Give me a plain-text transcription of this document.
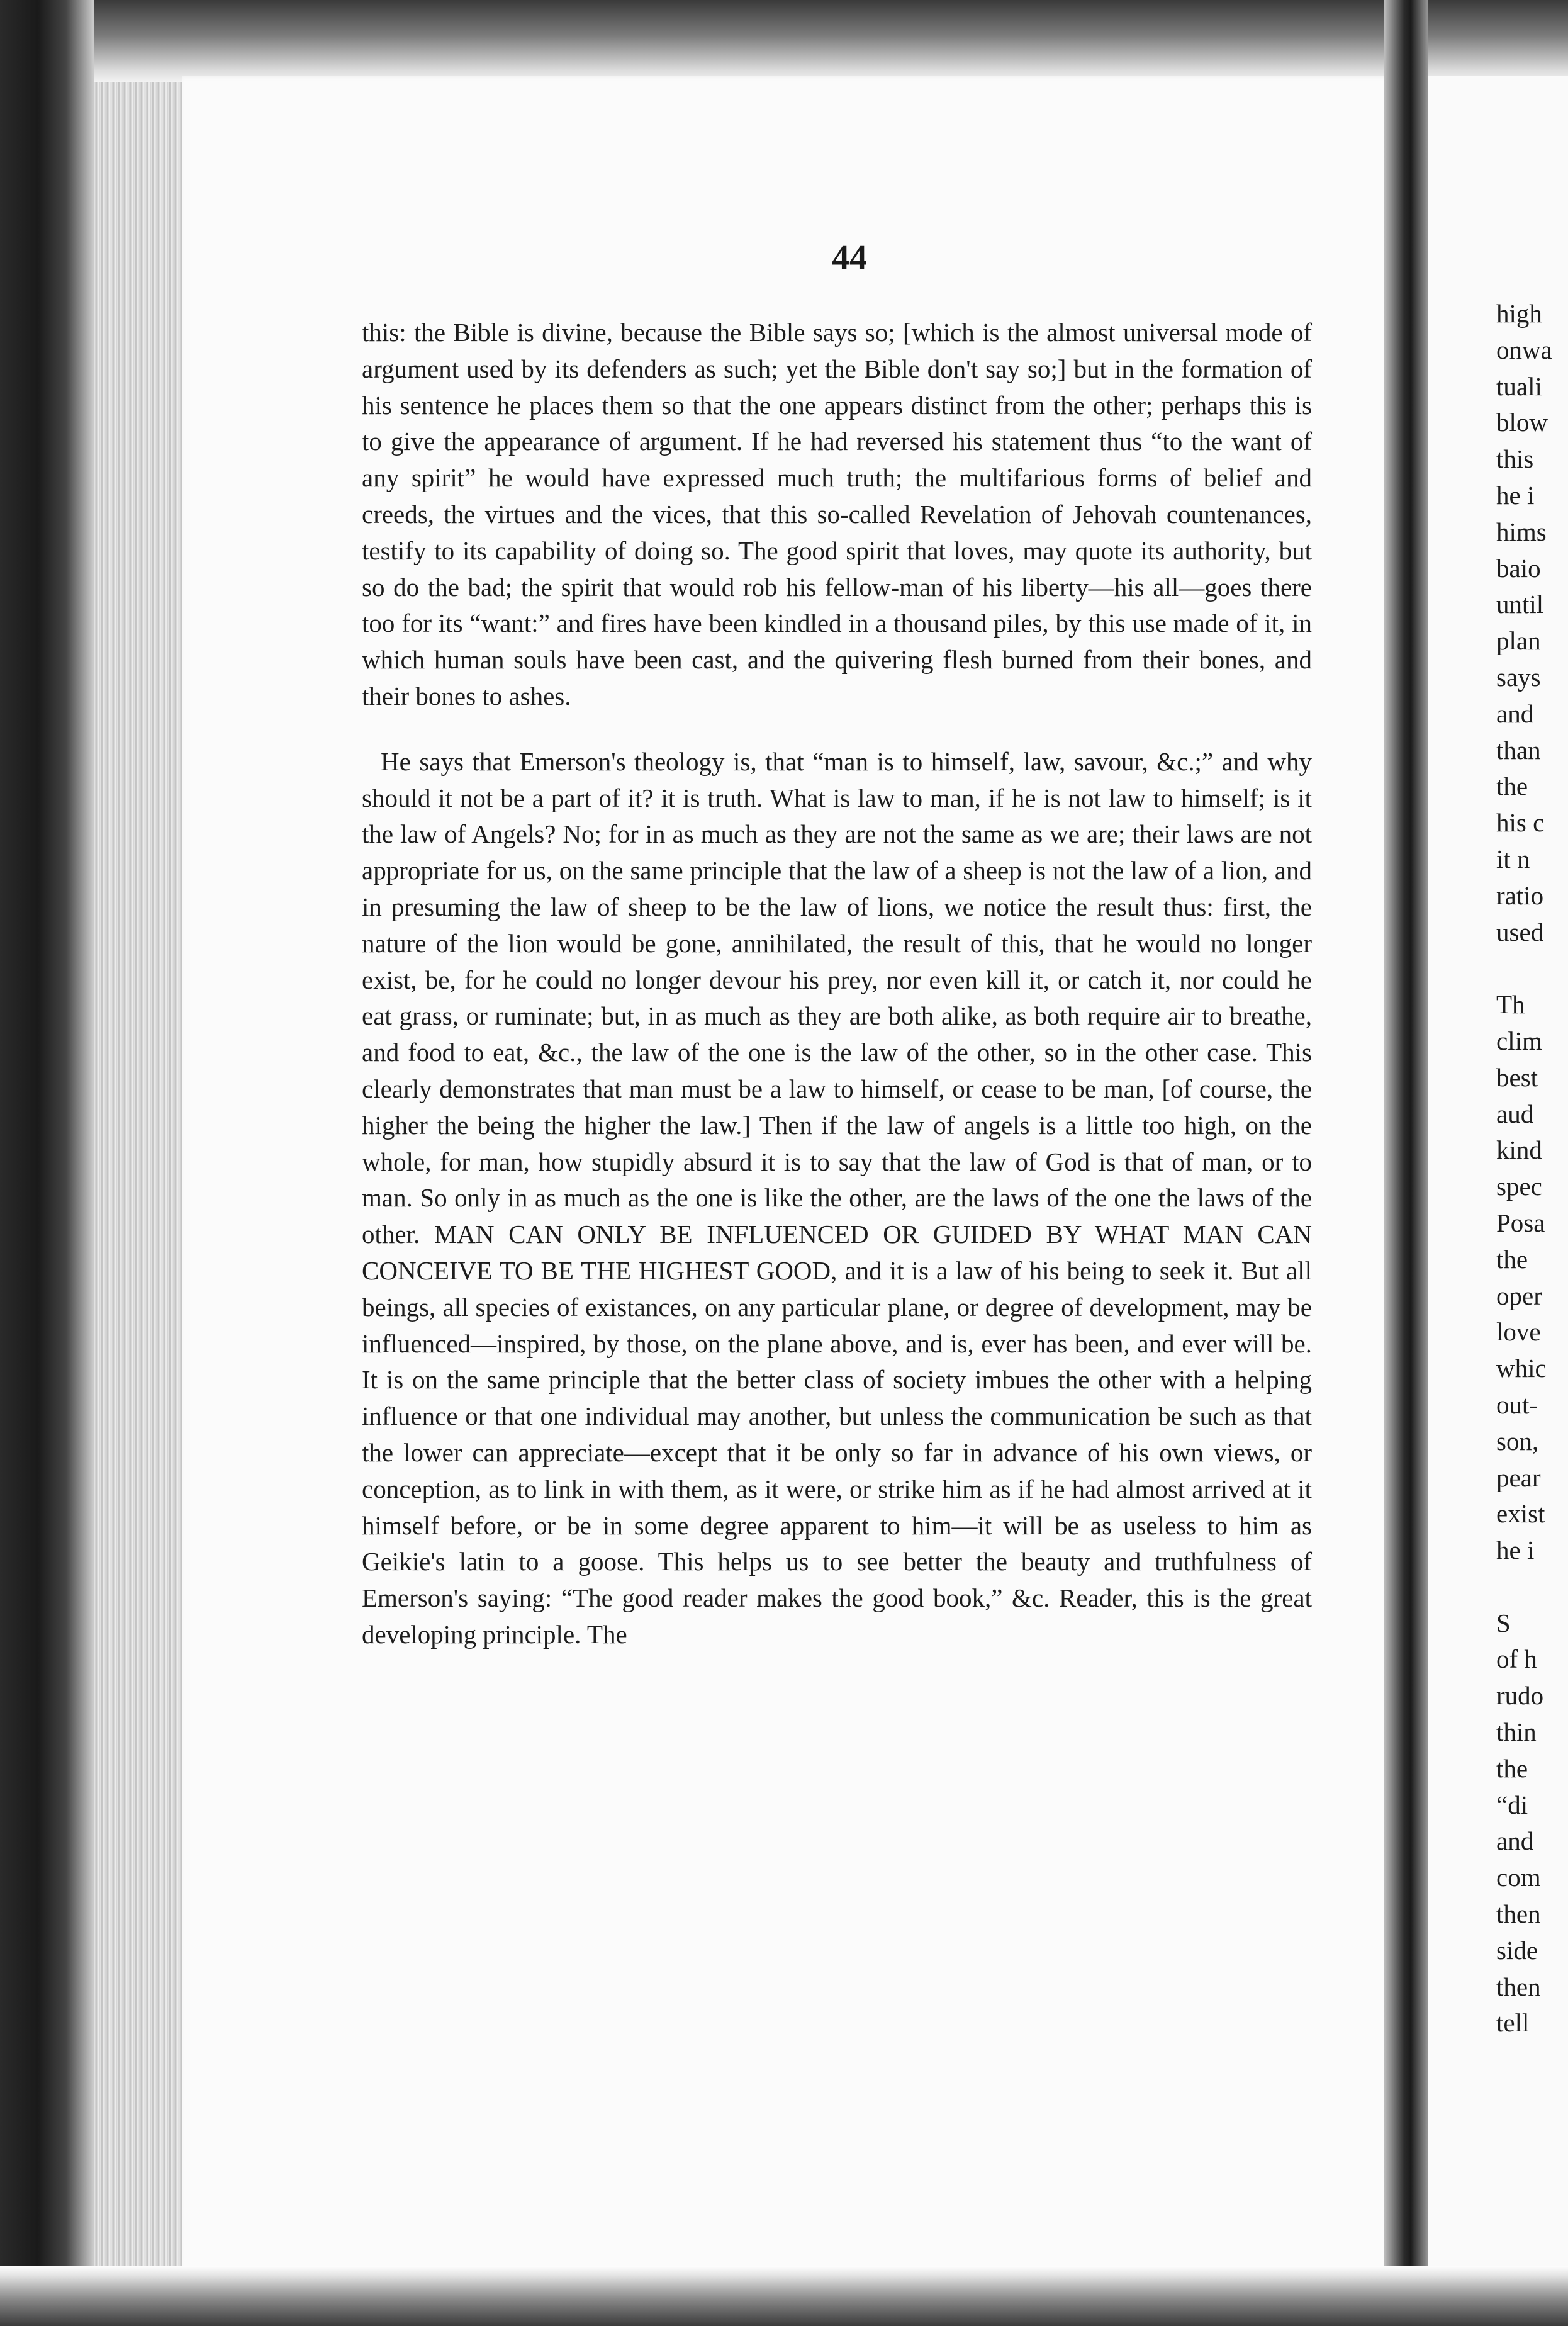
44

this: the Bible is divine, because the Bible says so; [which is the almost universal mode of argument used by its defenders as such; yet the Bible don't say so;] but in the formation of his sentence he places them so that the one appears distinct from the other; perhaps this is to give the appearance of argument. If he had reversed his statement thus “to the want of any spirit” he would have expressed much truth; the multifarious forms of belief and creeds, the virtues and the vices, that this so-called Revelation of Jehovah countenances, testify to its capability of doing so. The good spirit that loves, may quote its authority, but so do the bad; the spirit that would rob his fellow-man of his liberty—his all—goes there too for its “want:” and fires have been kindled in a thousand piles, by this use made of it, in which human souls have been cast, and the quivering flesh burned from their bones, and their bones to ashes.

He says that Emerson's theology is, that “man is to himself, law, savour, &c.;” and why should it not be a part of it? it is truth. What is law to man, if he is not law to himself; is it the law of Angels? No; for in as much as they are not the same as we are; their laws are not appropriate for us, on the same principle that the law of a sheep is not the law of a lion, and in presuming the law of sheep to be the law of lions, we notice the result thus: first, the nature of the lion would be gone, annihilated, the result of this, that he would no longer exist, be, for he could no longer devour his prey, nor even kill it, or catch it, nor could he eat grass, or ruminate; but, in as much as they are both alike, as both require air to breathe, and food to eat, &c., the law of the one is the law of the other, so in the other case. This clearly demonstrates that man must be a law to himself, or cease to be man, [of course, the higher the being the higher the law.] Then if the law of angels is a little too high, on the whole, for man, how stupidly absurd it is to say that the law of God is that of man, or to man. So only in as much as the one is like the other, are the laws of the one the laws of the other. MAN CAN ONLY BE INFLUENCED OR GUIDED BY WHAT MAN CAN CONCEIVE TO BE THE HIGHEST GOOD, and it is a law of his being to seek it. But all beings, all species of existances, on any particular plane, or degree of development, may be influenced—inspired, by those, on the plane above, and is, ever has been, and ever will be. It is on the same principle that the better class of society imbues the other with a helping influence or that one individual may another, but unless the communication be such as that the lower can appreciate—except that it be only so far in advance of his own views, or conception, as to link in with them, as it were, or strike him as if he had almost arrived at it himself before, or be in some degree apparent to him—it will be as useless to him as Geikie's latin to a goose. This helps us to see better the beauty and truthfulness of Emerson's saying: “The good reader makes the good book,” &c. Reader, this is the great developing principle. The

high
onwa
tuali
blow
this
he i
hims
baio
until
plan
says
and
than
the
his c
it n
ratio
used
Th
clim
best
aud
kind
spec
Posa
the
oper
love
whic
out-
son,
pear
exist
he i
S
of h
rudo
thin
the
“di
and
com
then
side
then
tell
